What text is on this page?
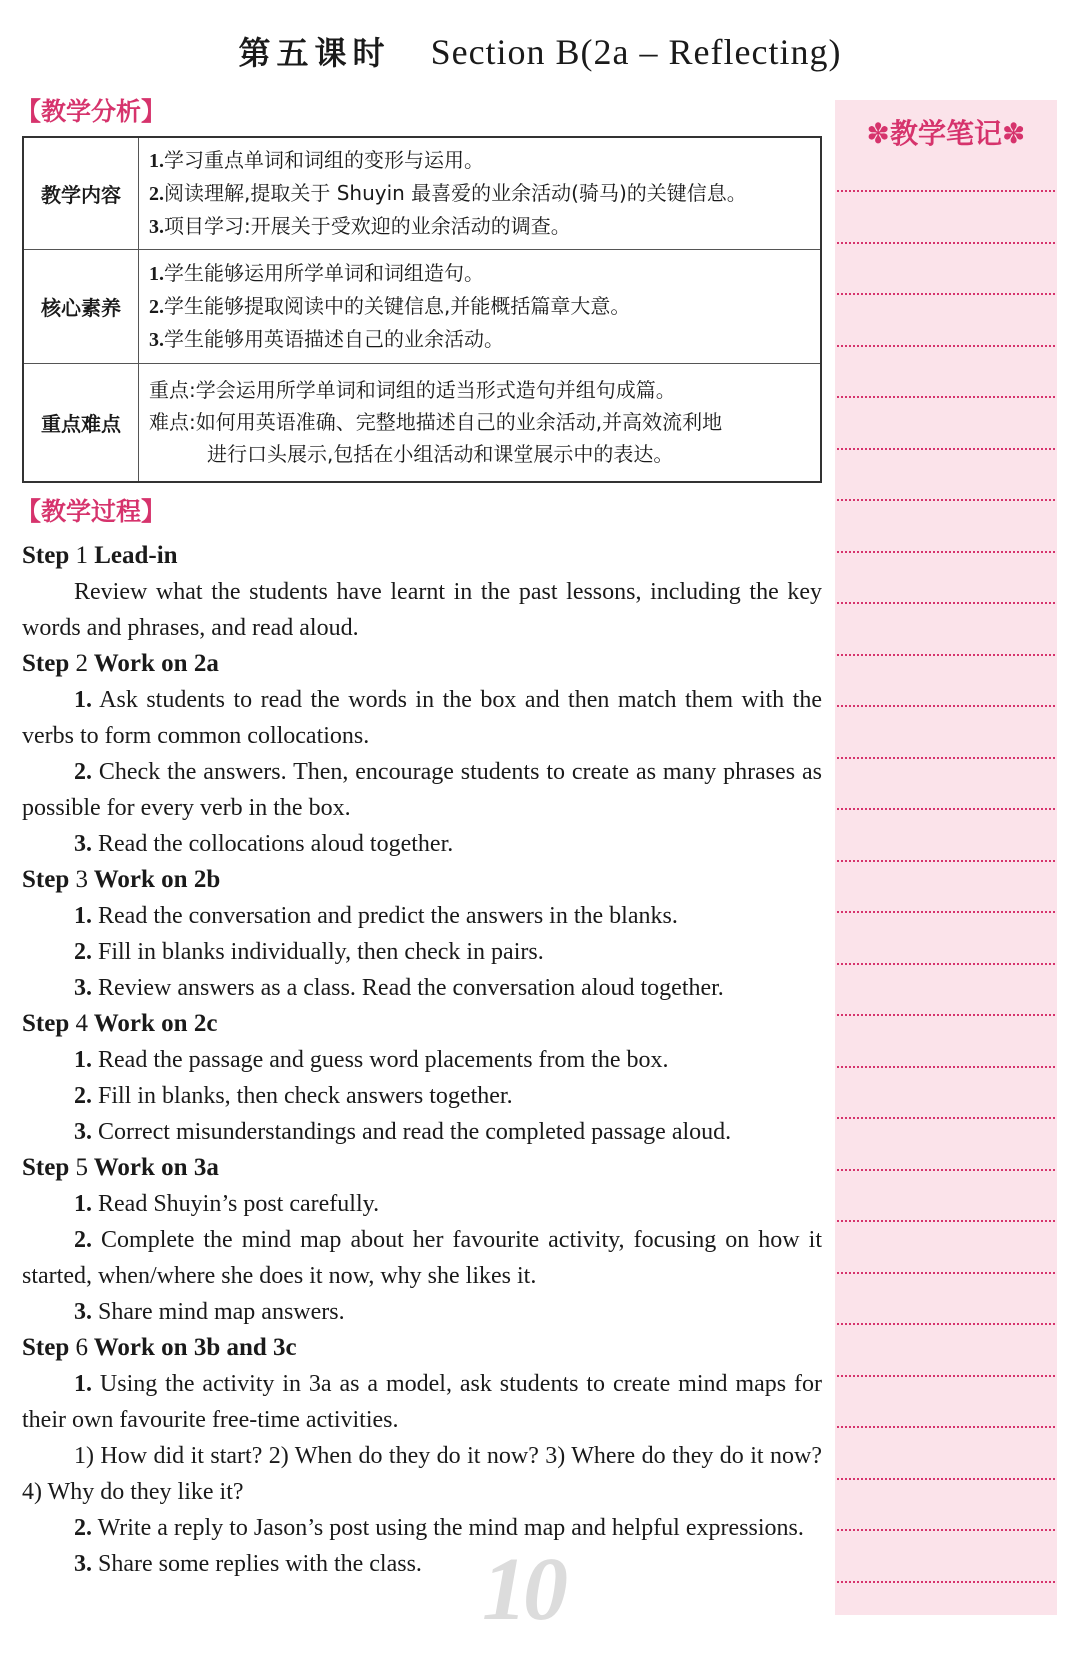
第五课时 Section B(2a – Reflecting)
【教学分析】
教学内容	1.学习重点单词和词组的变形与运用。
2.阅读理解,提取关于 Shuyin 最喜爱的业余活动(骑马)的关键信息。
3.项目学习:开展关于受欢迎的业余活动的调查。

核心素养	1.学生能够运用所学单词和词组造句。
2.学生能够提取阅读中的关键信息,并能概括篇章大意。
3.学生能够用英语描述自己的业余活动。

重点难点	重点:学会运用所学单词和词组的适当形式造句并组句成篇。
难点:如何用英语准确、完整地描述自己的业余活动,并高效流利地
进行口头展示,包括在小组活动和课堂展示中的表达。
【教学过程】
Step 1 Lead-in

Review what the students have learnt in the past lessons, including the key words and phrases, and read aloud.

Step 2 Work on 2a

1. Ask students to read the words in the box and then match them with the verbs to form common collocations.

2. Check the answers. Then, encourage students to create as many phrases as possible for every verb in the box.

3. Read the collocations aloud together.

Step 3 Work on 2b

1. Read the conversation and predict the answers in the blanks.

2. Fill in blanks individually, then check in pairs.

3. Review answers as a class. Read the conversation aloud together.

Step 4 Work on 2c

1. Read the passage and guess word placements from the box.

2. Fill in blanks, then check answers together.

3. Correct misunderstandings and read the completed passage aloud.

Step 5 Work on 3a

1. Read Shuyin’s post carefully.

2. Complete the mind map about her favourite activity, focusing on how it started, when/where she does it now, why she likes it.

3. Share mind map answers.

Step 6 Work on 3b and 3c

1. Using the activity in 3a as a model, ask students to create mind maps for their own favourite free-time activities.

1) How did it start? 2) When do they do it now? 3) Where do they do it now? 4) Why do they like it?

2. Write a reply to Jason’s post using the mind map and helpful expressions.

3. Share some replies with the class.

✽教学笔记✽
10
